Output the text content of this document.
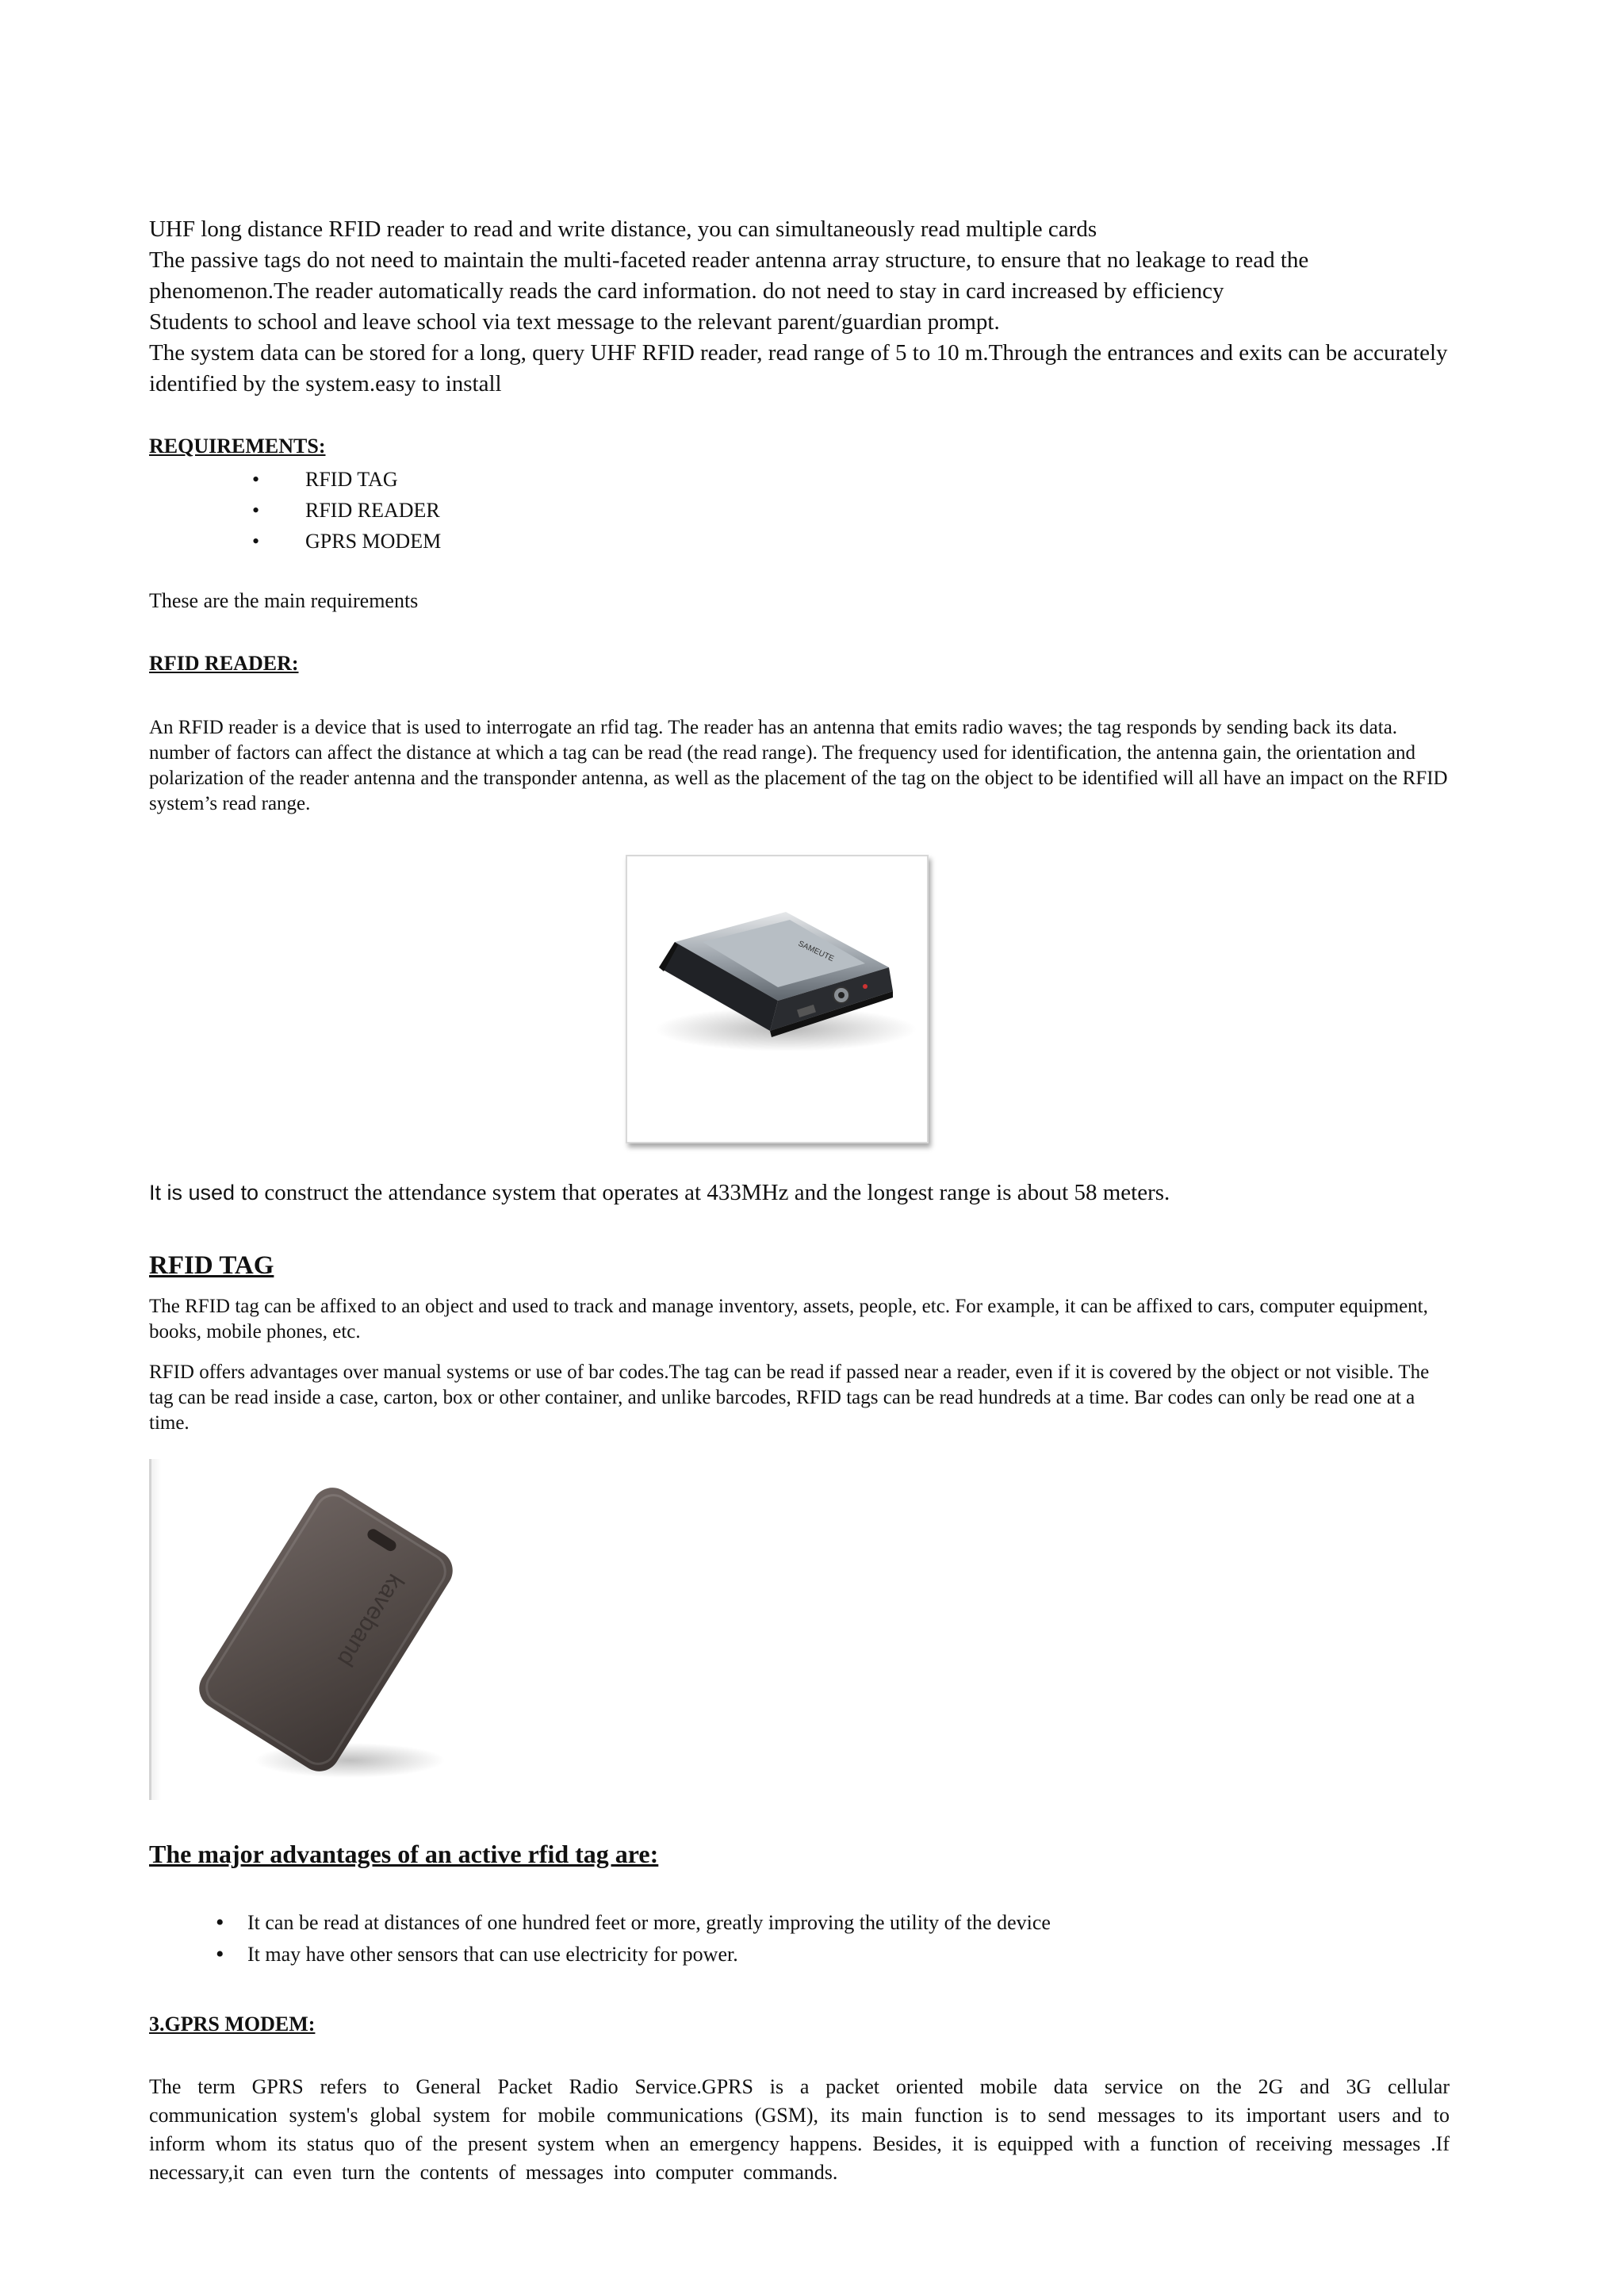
UHF long distance RFID reader to read and write distance, you can simultaneously read multiple cards

The passive tags do not need to maintain the multi-faceted reader antenna array structure, to ensure that no leakage to read the phenomenon.The reader automatically reads the card information. do not need to stay in card increased by efficiency

Students to school and leave school via text message to the relevant parent/guardian prompt.

The system data can be stored for a long, query UHF RFID reader, read range of 5 to 10 m.Through the entrances and exits can be accurately identified by the system.easy to install

REQUIREMENTS:
• RFID TAG
• RFID READER
• GPRS MODEM
These are the main requirements
RFID READER:

An RFID reader is a device that is used to interrogate an rfid tag. The reader has an antenna that emits radio waves; the tag responds by sending back its data. number of factors can affect the distance at which a tag can be read (the read range). The frequency used for identification, the antenna gain, the orientation and polarization of the reader antenna and the transponder antenna, as well as the placement of the tag on the object to be identified will all have an impact on the RFID system’s read range.

SAMEUTE
It is used to construct the attendance system that operates at 433MHz and the longest range is about 58 meters.
RFID TAG

The RFID tag can be affixed to an object and used to track and manage inventory, assets, people, etc. For example, it can be affixed to cars, computer equipment, books, mobile phones, etc.

RFID offers advantages over manual systems or use of bar codes.The tag can be read if passed near a reader, even if it is covered by the object or not visible. The tag can be read inside a case, carton, box or other container, and unlike barcodes, RFID tags can be read hundreds at a time. Bar codes can only be read one at a time.

kaveband
The major advantages of an active rfid tag are:
• It can be read at distances of one hundred feet or more, greatly improving the utility of the device
• It may have other sensors that can use electricity for power.
3.GPRS MODEM:

The term GPRS refers to General Packet Radio Service.GPRS is a packet oriented mobile data service on the 2G and 3G cellular communication system's global system for mobile communications (GSM), its main function is to send messages to its important users and to inform whom its status quo of the present system when an emergency happens. Besides, it is equipped with a function of receiving messages .If necessary,it can even turn the contents of messages into computer commands.
